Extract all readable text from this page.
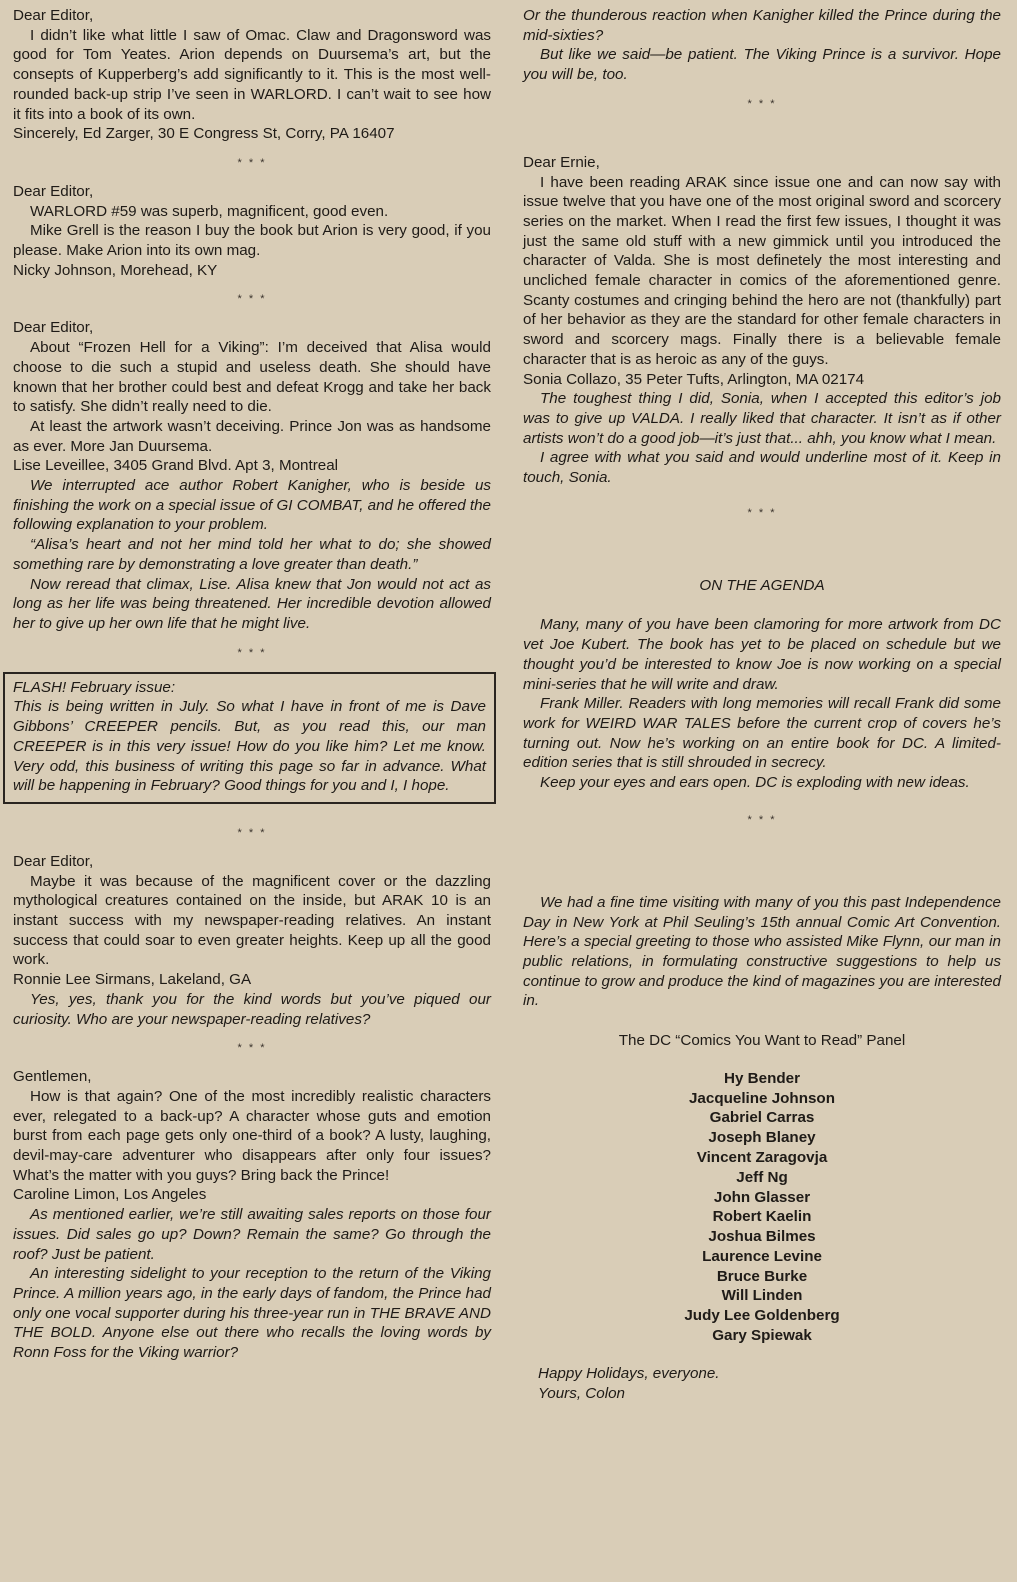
Dear Editor,

I didn’t like what little I saw of Omac. Claw and Dragonsword was good for Tom Yeates. Arion depends on Duursema’s art, but the consepts of Kupperberg’s add significantly to it. This is the most well-rounded back-up strip I’ve seen in WARLORD. I can’t wait to see how it fits into a book of its own.

Sincerely, Ed Zarger, 30 E Congress St, Corry, PA 16407

* * *

Dear Editor,

WARLORD #59 was superb, magnificent, good even.

Mike Grell is the reason I buy the book but Arion is very good, if you please. Make Arion into its own mag.

Nicky Johnson, Morehead, KY

* * *

Dear Editor,

About “Frozen Hell for a Viking”: I’m deceived that Alisa would choose to die such a stupid and useless death. She should have known that her brother could best and defeat Krogg and take her back to satisfy. She didn’t really need to die.

At least the artwork wasn’t deceiving. Prince Jon was as handsome as ever. More Jan Duursema.

Lise Leveillee, 3405 Grand Blvd. Apt 3, Montreal

We interrupted ace author Robert Kanigher, who is beside us finishing the work on a special issue of GI COMBAT, and he offered the following explanation to your problem.

“Alisa’s heart and not her mind told her what to do; she showed something rare by demonstrating a love greater than death.”

Now reread that climax, Lise. Alisa knew that Jon would not act as long as her life was being threatened. Her incredible devotion allowed her to give up her own life that he might live.

* * *

FLASH! February issue:

This is being written in July. So what I have in front of me is Dave Gibbons’ CREEPER pencils. But, as you read this, our man CREEPER is in this very issue! How do you like him? Let me know. Very odd, this business of writing this page so far in advance. What will be happening in February? Good things for you and I, I hope.

* * *

Dear Editor,

Maybe it was because of the magnificent cover or the dazzling mythological creatures contained on the inside, but ARAK 10 is an instant success with my newspaper-reading relatives. An instant success that could soar to even greater heights. Keep up all the good work.

Ronnie Lee Sirmans, Lakeland, GA

Yes, yes, thank you for the kind words but you’ve piqued our curiosity. Who are your newspaper-reading relatives?

* * *

Gentlemen,

How is that again? One of the most incredibly realistic characters ever, relegated to a back-up? A character whose guts and emotion burst from each page gets only one-third of a book? A lusty, laughing, devil-may-care adventurer who disappears after only four issues? What’s the matter with you guys? Bring back the Prince!

Caroline Limon, Los Angeles

As mentioned earlier, we’re still awaiting sales reports on those four issues. Did sales go up? Down? Remain the same? Go through the roof? Just be patient.

An interesting sidelight to your reception to the return of the Viking Prince. A million years ago, in the early days of fandom, the Prince had only one vocal supporter during his three-year run in THE BRAVE AND THE BOLD. Anyone else out there who recalls the loving words by Ronn Foss for the Viking warrior?

Or the thunderous reaction when Kanigher killed the Prince during the mid-sixties?

But like we said—be patient. The Viking Prince is a survivor. Hope you will be, too.

* * *

Dear Ernie,

I have been reading ARAK since issue one and can now say with issue twelve that you have one of the most original sword and scorcery series on the market. When I read the first few issues, I thought it was just the same old stuff with a new gimmick until you introduced the character of Valda. She is most definetely the most interesting and uncliched female character in comics of the aforementioned genre. Scanty costumes and cringing behind the hero are not (thankfully) part of her behavior as they are the standard for other female characters in sword and scorcery mags. Finally there is a believable female character that is as heroic as any of the guys.

Sonia Collazo, 35 Peter Tufts, Arlington, MA 02174

The toughest thing I did, Sonia, when I accepted this editor’s job was to give up VALDA. I really liked that character. It isn’t as if other artists won’t do a good job—it’s just that... ahh, you know what I mean.

I agree with what you said and would underline most of it. Keep in touch, Sonia.

* * *

ON THE AGENDA

Many, many of you have been clamoring for more artwork from DC vet Joe Kubert. The book has yet to be placed on schedule but we thought you’d be interested to know Joe is now working on a special mini-series that he will write and draw.

Frank Miller. Readers with long memories will recall Frank did some work for WEIRD WAR TALES before the current crop of covers he’s turning out. Now he’s working on an entire book for DC. A limited-edition series that is still shrouded in secrecy.

Keep your eyes and ears open. DC is exploding with new ideas.

* * *

We had a fine time visiting with many of you this past Independence Day in New York at Phil Seuling’s 15th annual Comic Art Convention. Here’s a special greeting to those who assisted Mike Flynn, our man in public relations, in formulating constructive suggestions to help us continue to grow and produce the kind of magazines you are interested in.

The DC “Comics You Want to Read” Panel

Hy Bender

Jacqueline Johnson

Gabriel Carras

Joseph Blaney

Vincent Zaragovja

Jeff Ng

John Glasser

Robert Kaelin

Joshua Bilmes

Laurence Levine

Bruce Burke

Will Linden

Judy Lee Goldenberg

Gary Spiewak

Happy Holidays, everyone.

Yours, Colon
